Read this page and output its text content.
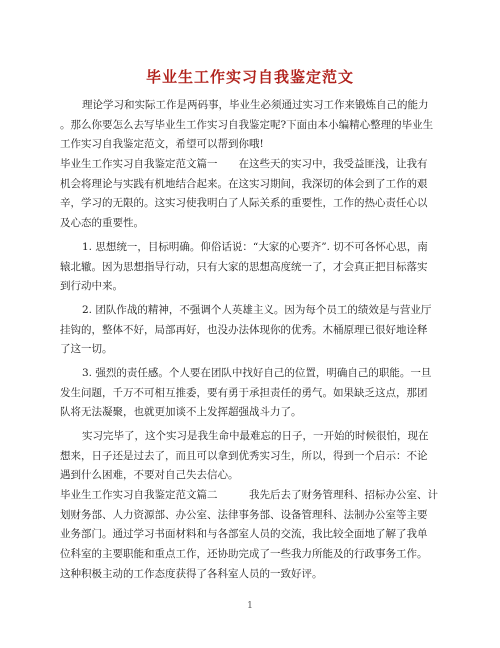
毕业生工作实习自我鉴定范文
理论学习和实际工作是两码事，毕业生必须通过实习工作来锻炼自己的能力
。那么你要怎么去写毕业生工作实习自我鉴定呢?下面由本小编精心整理的毕业生
工作实习自我鉴定范文，希望可以帮到你哦!
毕业生工作实习自我鉴定范文篇一　　在这些天的实习中，我受益匪浅，让我有
机会将理论与实践有机地结合起来。在这实习期间，我深切的体会到了工作的艰
辛，学习的无限的。这实习使我明白了人际关系的重要性，工作的热心责任心以
及心态的重要性。
1. 思想统一，目标明确。仰俗话说：“大家的心要齐”. 切不可各怀心思，南
辕北辙。因为思想指导行动，只有大家的思想高度统一了，才会真正把目标落实
到行动中来。
2. 团队作战的精神，不强调个人英雄主义。因为每个员工的绩效是与营业厅
挂钩的，整体不好，局部再好，也没办法体现你的优秀。木桶原理已很好地诠释
了这一切。
3. 强烈的责任感。个人要在团队中找好自己的位置，明确自己的职能。一旦
发生问题，千万不可相互推委，要有勇于承担责任的勇气。如果缺乏这点，那团
队将无法凝聚，也就更加谈不上发挥超强战斗力了。
实习完毕了，这个实习是我生命中最难忘的日子，一开始的时候很怕，现在
想来，日子还是过去了，而且可以拿到优秀实习生，所以，得到一个启示：不论
遇到什么困难，不要对自己失去信心。
毕业生工作实习自我鉴定范文篇二　　　我先后去了财务管理科、招标办公室、计
划财务部、人力资源部、办公室、法律事务部、设备管理科、法制办公室等主要
业务部门。通过学习书面材料和与各部室人员的交流，我比较全面地了解了我单
位科室的主要职能和重点工作，还协助完成了一些我力所能及的行政事务工作。
这种积极主动的工作态度获得了各科室人员的一致好评。
1
